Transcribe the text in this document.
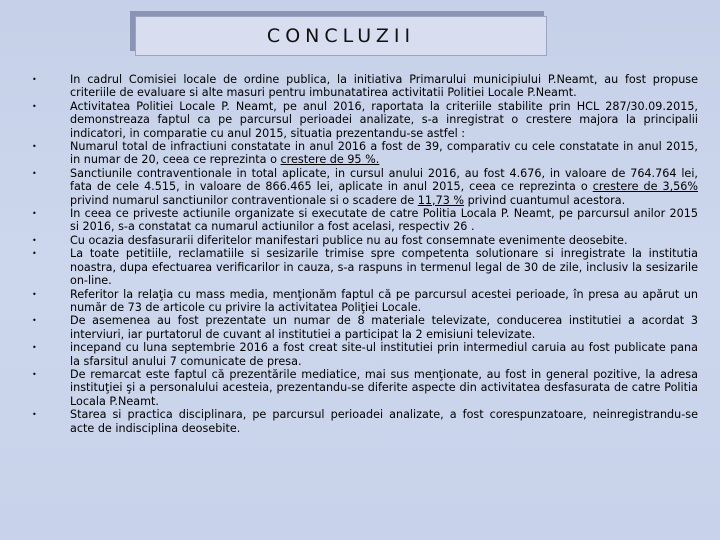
CONCLUZII
•	In cadrul Comisiei locale de ordine publica, la initiativa Primarului municipiului P.Neamt, au fost propuse criteriile de evaluare si alte masuri pentru imbunatatirea activitatii Politiei Locale P.Neamt.
•	Activitatea Politiei Locale P. Neamt, pe anul 2016, raportata la criteriile stabilite prin HCL 287/30.09.2015, demonstreaza faptul ca pe parcursul perioadei analizate, s-a inregistrat o crestere majora la principalii indicatori, in comparatie cu anul 2015, situatia prezentandu-se astfel :
•	Numarul total de infractiuni constatate in anul 2016 a fost de 39, comparativ cu cele constatate in anul 2015, in numar de 20, ceea ce reprezinta o crestere de 95 %.
•	Sanctiunile contraventionale in total aplicate, in cursul anului 2016, au fost 4.676, in valoare de 764.764 lei, fata de cele 4.515, in valoare de 866.465 lei, aplicate in anul 2015, ceea ce reprezinta o crestere de 3,56% privind numarul sanctiunilor contraventionale si o scadere de 11,73 % privind cuantumul acestora.
•	In ceea ce priveste actiunile organizate si executate de catre Politia Locala P. Neamt, pe parcursul anilor 2015 si 2016, s-a constatat ca numarul actiunilor a fost acelasi, respectiv 26 .
•	Cu ocazia desfasurarii diferitelor manifestari publice nu au fost consemnate evenimente deosebite.
•	La toate petitiile, reclamatiile si sesizarile trimise spre competenta solutionare si inregistrate la institutia noastra, dupa efectuarea verificarilor in cauza, s-a raspuns in termenul legal de 30 de zile, inclusiv la sesizarile on-line.
•	Referitor la relaţia cu mass media, menţionăm faptul că pe parcursul acestei perioade, în presa au apărut un număr de 73 de articole cu privire la activitatea Poliţiei Locale.
•	De asemenea au fost prezentate un numar de 8 materiale televizate, conducerea institutiei a acordat 3 interviuri, iar purtatorul de cuvant al institutiei a participat la 2 emisiuni televizate.
•	incepand cu luna septembrie 2016 a fost creat site-ul institutiei prin intermediul caruia au fost publicate pana la sfarsitul anului 7 comunicate de presa.
•	De remarcat este faptul că prezentările mediatice, mai sus menţionate, au fost in general pozitive, la adresa instituţiei şi a personalului acesteia, prezentandu-se diferite aspecte din activitatea desfasurata de catre Politia Locala P.Neamt.
•	Starea si practica disciplinara, pe parcursul perioadei analizate, a fost corespunzatoare, neinregistrandu-se acte de indisciplina deosebite.
